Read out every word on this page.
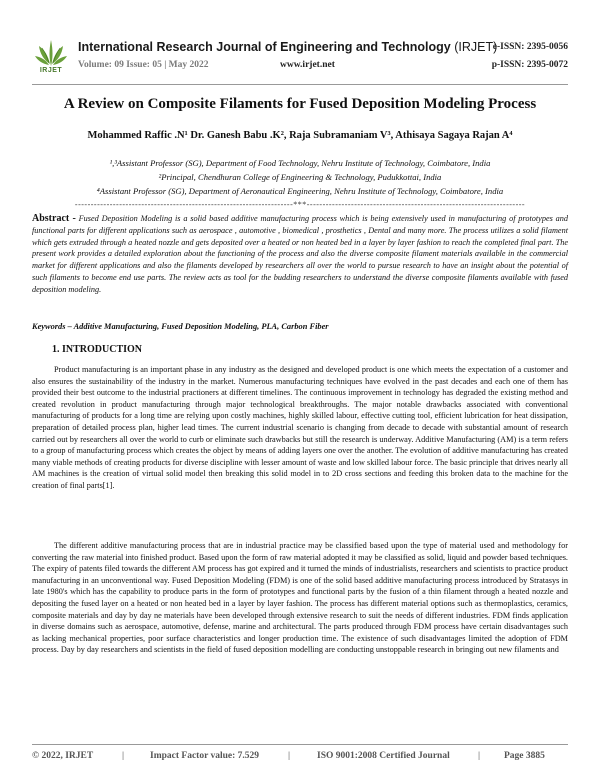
IRJET
International Research Journal of Engineering and Technology (IRJET)
e-ISSN: 2395-0056
Volume: 09 Issue: 05 | May 2022	www.irjet.net	p-ISSN: 2395-0072
A Review on Composite Filaments for Fused Deposition Modeling Process
Mohammed Raffic .N¹ Dr. Ganesh Babu .K², Raja Subramaniam V³, Athisaya Sagaya Rajan A⁴
¹,³Assistant Professor (SG), Department of Food Technology, Nehru Institute of Technology, Coimbatore, India
²Principal, Chendhuran College of Engineering & Technology, Pudukkottai, India
⁴Assistant Professor (SG), Department of Aeronautical Engineering, Nehru Institute of Technology, Coimbatore, India
---------------------------------------------------------------------***---------------------------------------------------------------------
Abstract - Fused Deposition Modeling is a solid based additive manufacturing process which is being extensively used in manufacturing of prototypes and functional parts for different applications such as aerospace , automotive , biomedical , prosthetics , Dental and many more. The process utilizes a solid filament which gets extruded through a heated nozzle and gets deposited over a heated or non heated bed in a layer by layer fashion to reach the completed final part. The present work provides a detailed exploration about the functioning of the process and also the diverse composite filament materials available in the commercial market for different applications and also the filaments developed by researchers all over the world to pursue research to have an insight about the potential of such filaments to become end use parts. The review acts as tool for the budding researchers to understand the diverse composite filaments available with fused deposition modeling.
Keywords – Additive Manufacturing, Fused Deposition Modeling, PLA, Carbon Fiber
1. INTRODUCTION
Product manufacturing is an important phase in any industry as the designed and developed product is one which meets the expectation of a customer and also ensures the sustainability of the industry in the market. Numerous manufacturing techniques have evolved in the past decades and each one of them has provided their best outcome to the industrial practioners at different timelines. The continuous improvement in technology has degraded the existing method and created revolution in product manufacturing through major technological breakthroughs. The major notable drawbacks associated with conventional manufacturing of products for a long time are relying upon costly machines, highly skilled labour, effective cutting tool, efficient lubrication for heat dissipation, preparation of detailed process plan, higher lead times. The current industrial scenario is changing from decade to decade with substantial amount of research carried out by researchers all over the world to curb or eliminate such drawbacks but still the research is underway. Additive Manufacturing (AM) is a term refers to a group of manufacturing process which creates the object by means of adding layers one over the another. The evolution of additive manufacturing has created many viable methods of creating products for diverse discipline with lesser amount of waste and low skilled labour force. The basic principle that drives nearly all AM machines is the creation of virtual solid model then breaking this solid model in to 2D cross sections and feeding this broken data to the machine for the creation of final parts[1].
The different additive manufacturing process that are in industrial practice may be classified based upon the type of material used and methodology for converting the raw material into finished product. Based upon the form of raw material adopted it may be classified as solid, liquid and powder based techniques. The expiry of patents filed towards the different AM process has got expired and it turned the minds of industrialists, researchers and scientists to practice product manufacturing in an unconventional way. Fused Deposition Modeling (FDM) is one of the solid based additive manufacturing process introduced by Stratasys in late 1980's which has the capability to produce parts in the form of prototypes and functional parts by the fusion of a thin filament through a heated nozzle and depositing the fused layer on a heated or non heated bed in a layer by layer fashion. The process has different material options such as thermoplastics, ceramics, composite materials and day by day ne materials have been developed through extensive research to suit the needs of different industries. FDM finds application in diverse domains such as aerospace, automotive, defense, marine and architectural. The parts produced through FDM process have certain disadvantages such as lacking mechanical properties, poor surface characteristics and longer production time. The existence of such disadvantages limited the adoption of FDM process. Day by day researchers and scientists in the field of fused deposition modelling are conducting unstoppable research in bringing out new filaments and
© 2022, IRJET	|	Impact Factor value: 7.529	|	ISO 9001:2008 Certified Journal	|	Page 3885
